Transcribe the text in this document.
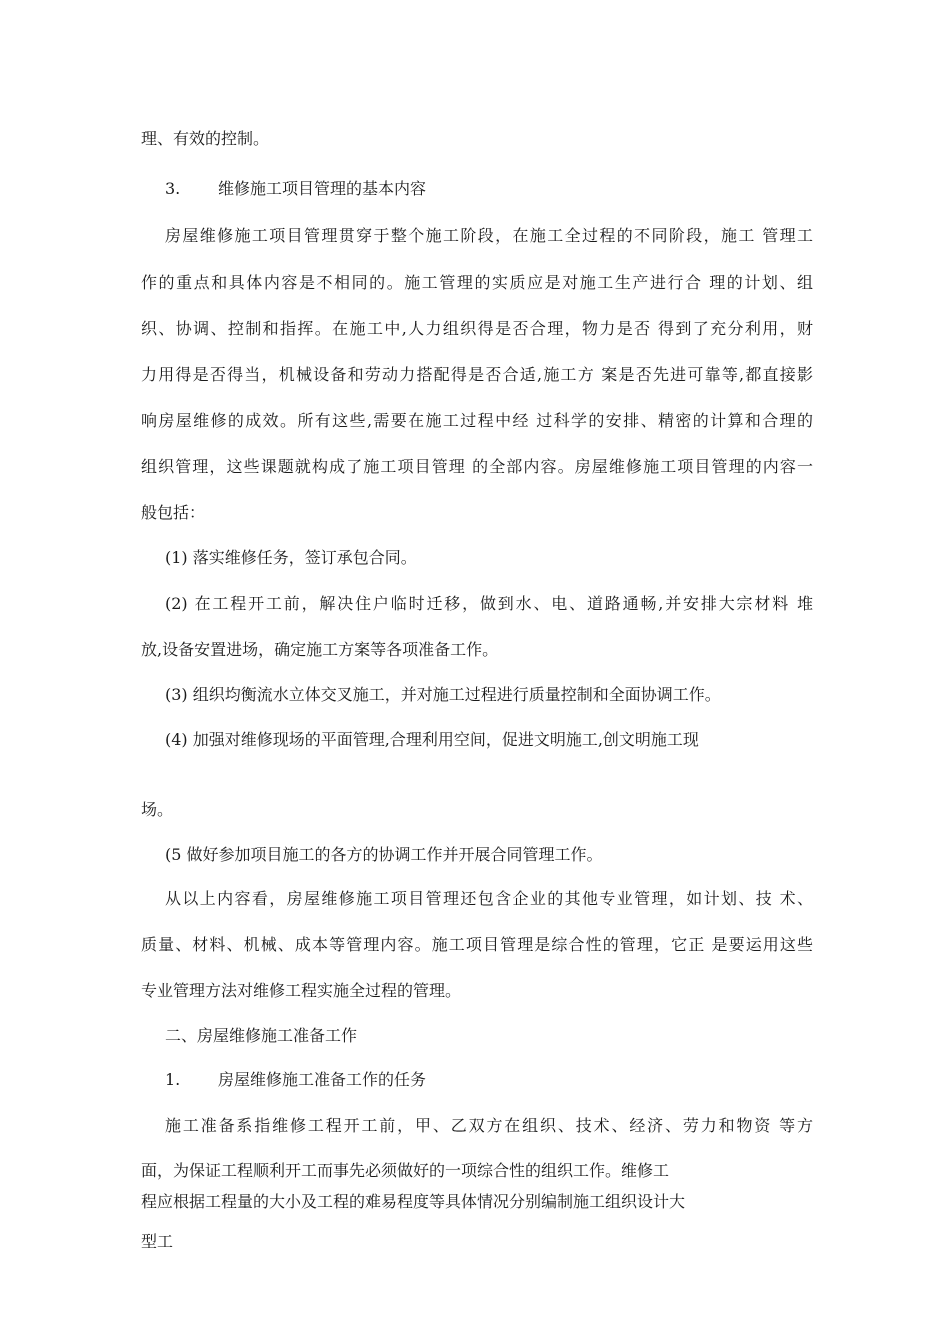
理、有效的控制。
3. 维修施工项目管理的基本内容
房屋维修施工项目管理贯穿于整个施工阶段，在施工全过程的不同阶段，施工 管理工
作的重点和具体内容是不相同的。施工管理的实质应是对施工生产进行合 理的计划、组
织、协调、控制和指挥。在施工中,人力组织得是否合理，物力是否 得到了充分利用，财
力用得是否得当，机械设备和劳动力搭配得是否合适,施工方 案是否先进可靠等,都直接影
响房屋维修的成效。所有这些,需要在施工过程中经 过科学的安排、精密的计算和合理的
组织管理，这些课题就构成了施工项目管理 的全部内容。房屋维修施工项目管理的内容一
般包括：
(1) 落实维修任务，签订承包合同。
(2) 在工程开工前，解决住户临时迁移，做到水、电、道路通畅,并安排大宗材料 堆
放,设备安置进场，确定施工方案等各项准备工作。
(3) 组织均衡流水立体交叉施工，并对施工过程进行质量控制和全面协调工作。
(4) 加强对维修现场的平面管理,合理利用空间，促进文明施工,创文明施工现
场。
(5 做好参加项目施工的各方的协调工作并开展合同管理工作。
从以上内容看，房屋维修施工项目管理还包含企业的其他专业管理，如计划、技 术、
质量、材料、机械、成本等管理内容。施工项目管理是综合性的管理，它正 是要运用这些
专业管理方法对维修工程实施全过程的管理。
二、房屋维修施工准备工作
1. 房屋维修施工准备工作的任务
施工准备系指维修工程开工前，甲、乙双方在组织、技术、经济、劳力和物资 等方
面，为保证工程顺利开工而事先必须做好的一项综合性的组织工作。维修工
程应根据工程量的大小及工程的难易程度等具体情况分别编制施工组织设计大
型工
